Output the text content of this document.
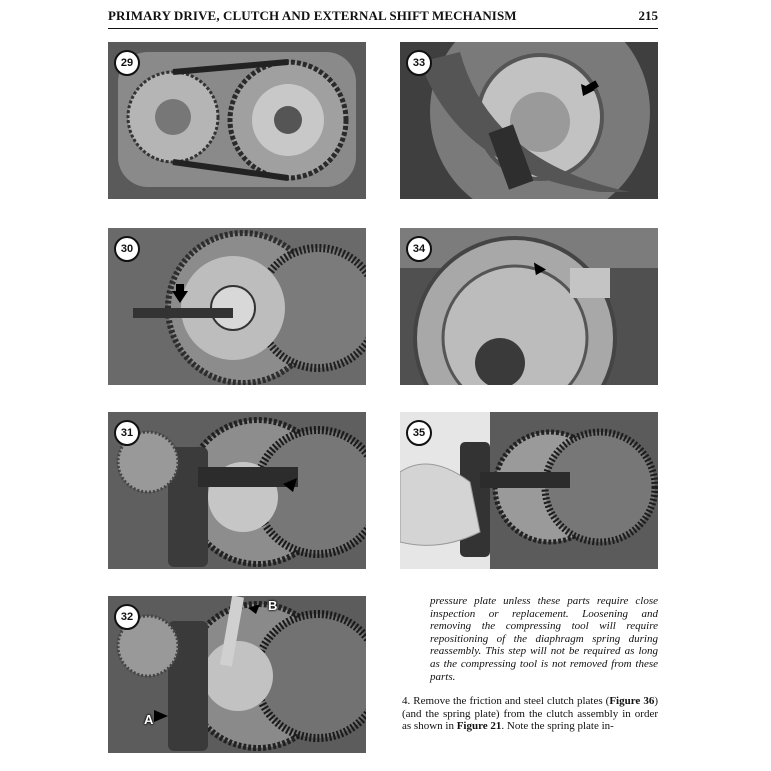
PRIMARY DRIVE, CLUTCH AND EXTERNAL SHIFT MECHANISM	215
29	33
30	34
31	35
32
A
B	pressure plate unless these parts require close inspection or replacement. Loosening and removing the compressing tool will require repositioning of the diaphragm spring during reassembly. This step will not be required as long as the compressing tool is not removed from these parts.

4. Remove the friction and steel clutch plates (Figure 36) (and the spring plate) from the clutch assembly in order as shown in Figure 21. Note the spring plate in-
